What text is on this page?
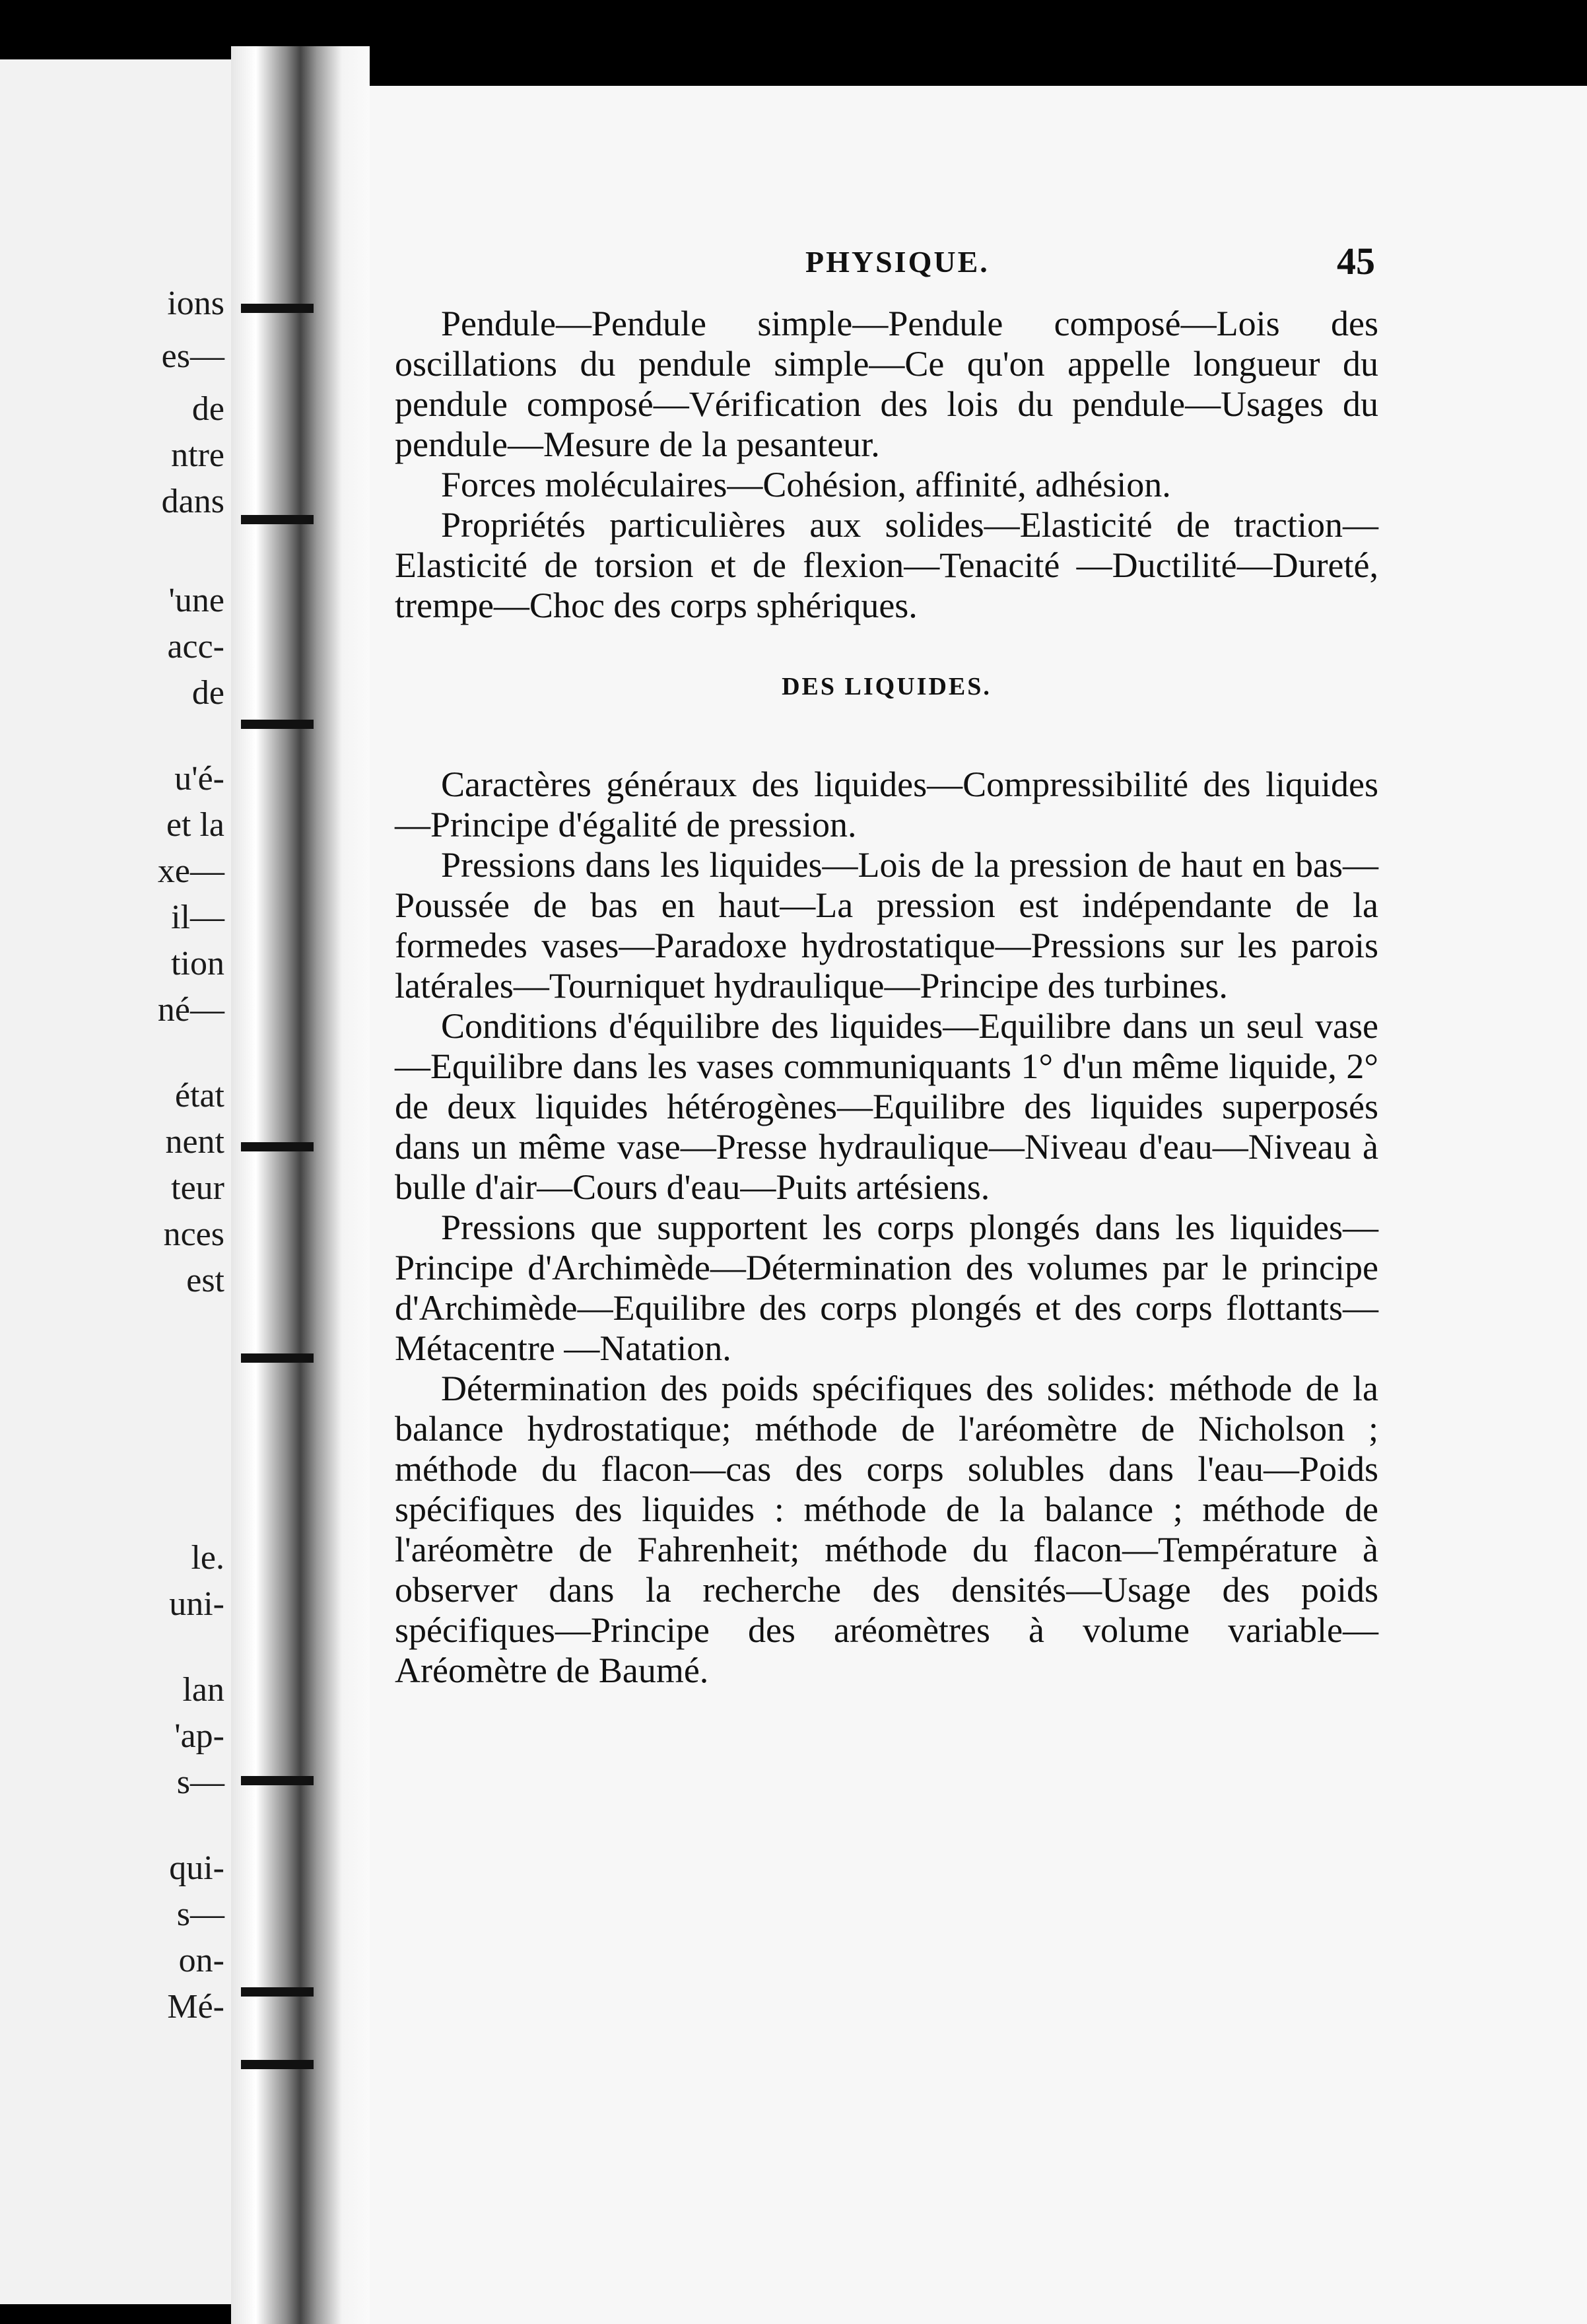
ions
es—
de
ntre
dans
'une
acc-
de
u'é-
et la
xe—
il—
tion
né—
état
nent
teur
nces
est
le.
uni-
lan
'ap-
s—
qui-
s—
on-
Mé-
PHYSIQUE.	45

Pendule—Pendule simple—Pendule composé—Lois des oscillations du pendule simple—Ce qu'on appelle longueur du pendule composé—Vérification des lois du pendule—Usages du pendule—Mesure de la pesanteur.

Forces moléculaires—Cohésion, affinité, adhésion.

Propriétés particulières aux solides—Elasticité de traction—Elasticité de torsion et de flexion—Tenacité —Ductilité—Dureté, trempe—Choc des corps sphériques.

DES LIQUIDES.

Caractères généraux des liquides—Compressibilité des liquides—Principe d'égalité de pression.

Pressions dans les liquides—Lois de la pression de haut en bas—Poussée de bas en haut—La pression est indépendante de la formedes vases—Paradoxe hydrostatique—Pressions sur les parois latérales—Tourniquet hydraulique—Principe des turbines.

Conditions d'équilibre des liquides—Equilibre dans un seul vase—Equilibre dans les vases communiquants 1° d'un même liquide, 2° de deux liquides hétérogènes—Equilibre des liquides superposés dans un même vase—Presse hydraulique—Niveau d'eau—Niveau à bulle d'air—Cours d'eau—Puits artésiens.

Pressions que supportent les corps plongés dans les liquides—Principe d'Archimède—Détermination des volumes par le principe d'Archimède—Equilibre des corps plongés et des corps flottants—Métacentre —Natation.

Détermination des poids spécifiques des solides: méthode de la balance hydrostatique; méthode de l'aréomètre de Nicholson ; méthode du flacon—cas des corps solubles dans l'eau—Poids spécifiques des liquides : méthode de la balance ; méthode de l'aréomètre de Fahrenheit; méthode du flacon—Température à observer dans la recherche des densités—Usage des poids spécifiques—Principe des aréomètres à volume variable—Aréomètre de Baumé.
